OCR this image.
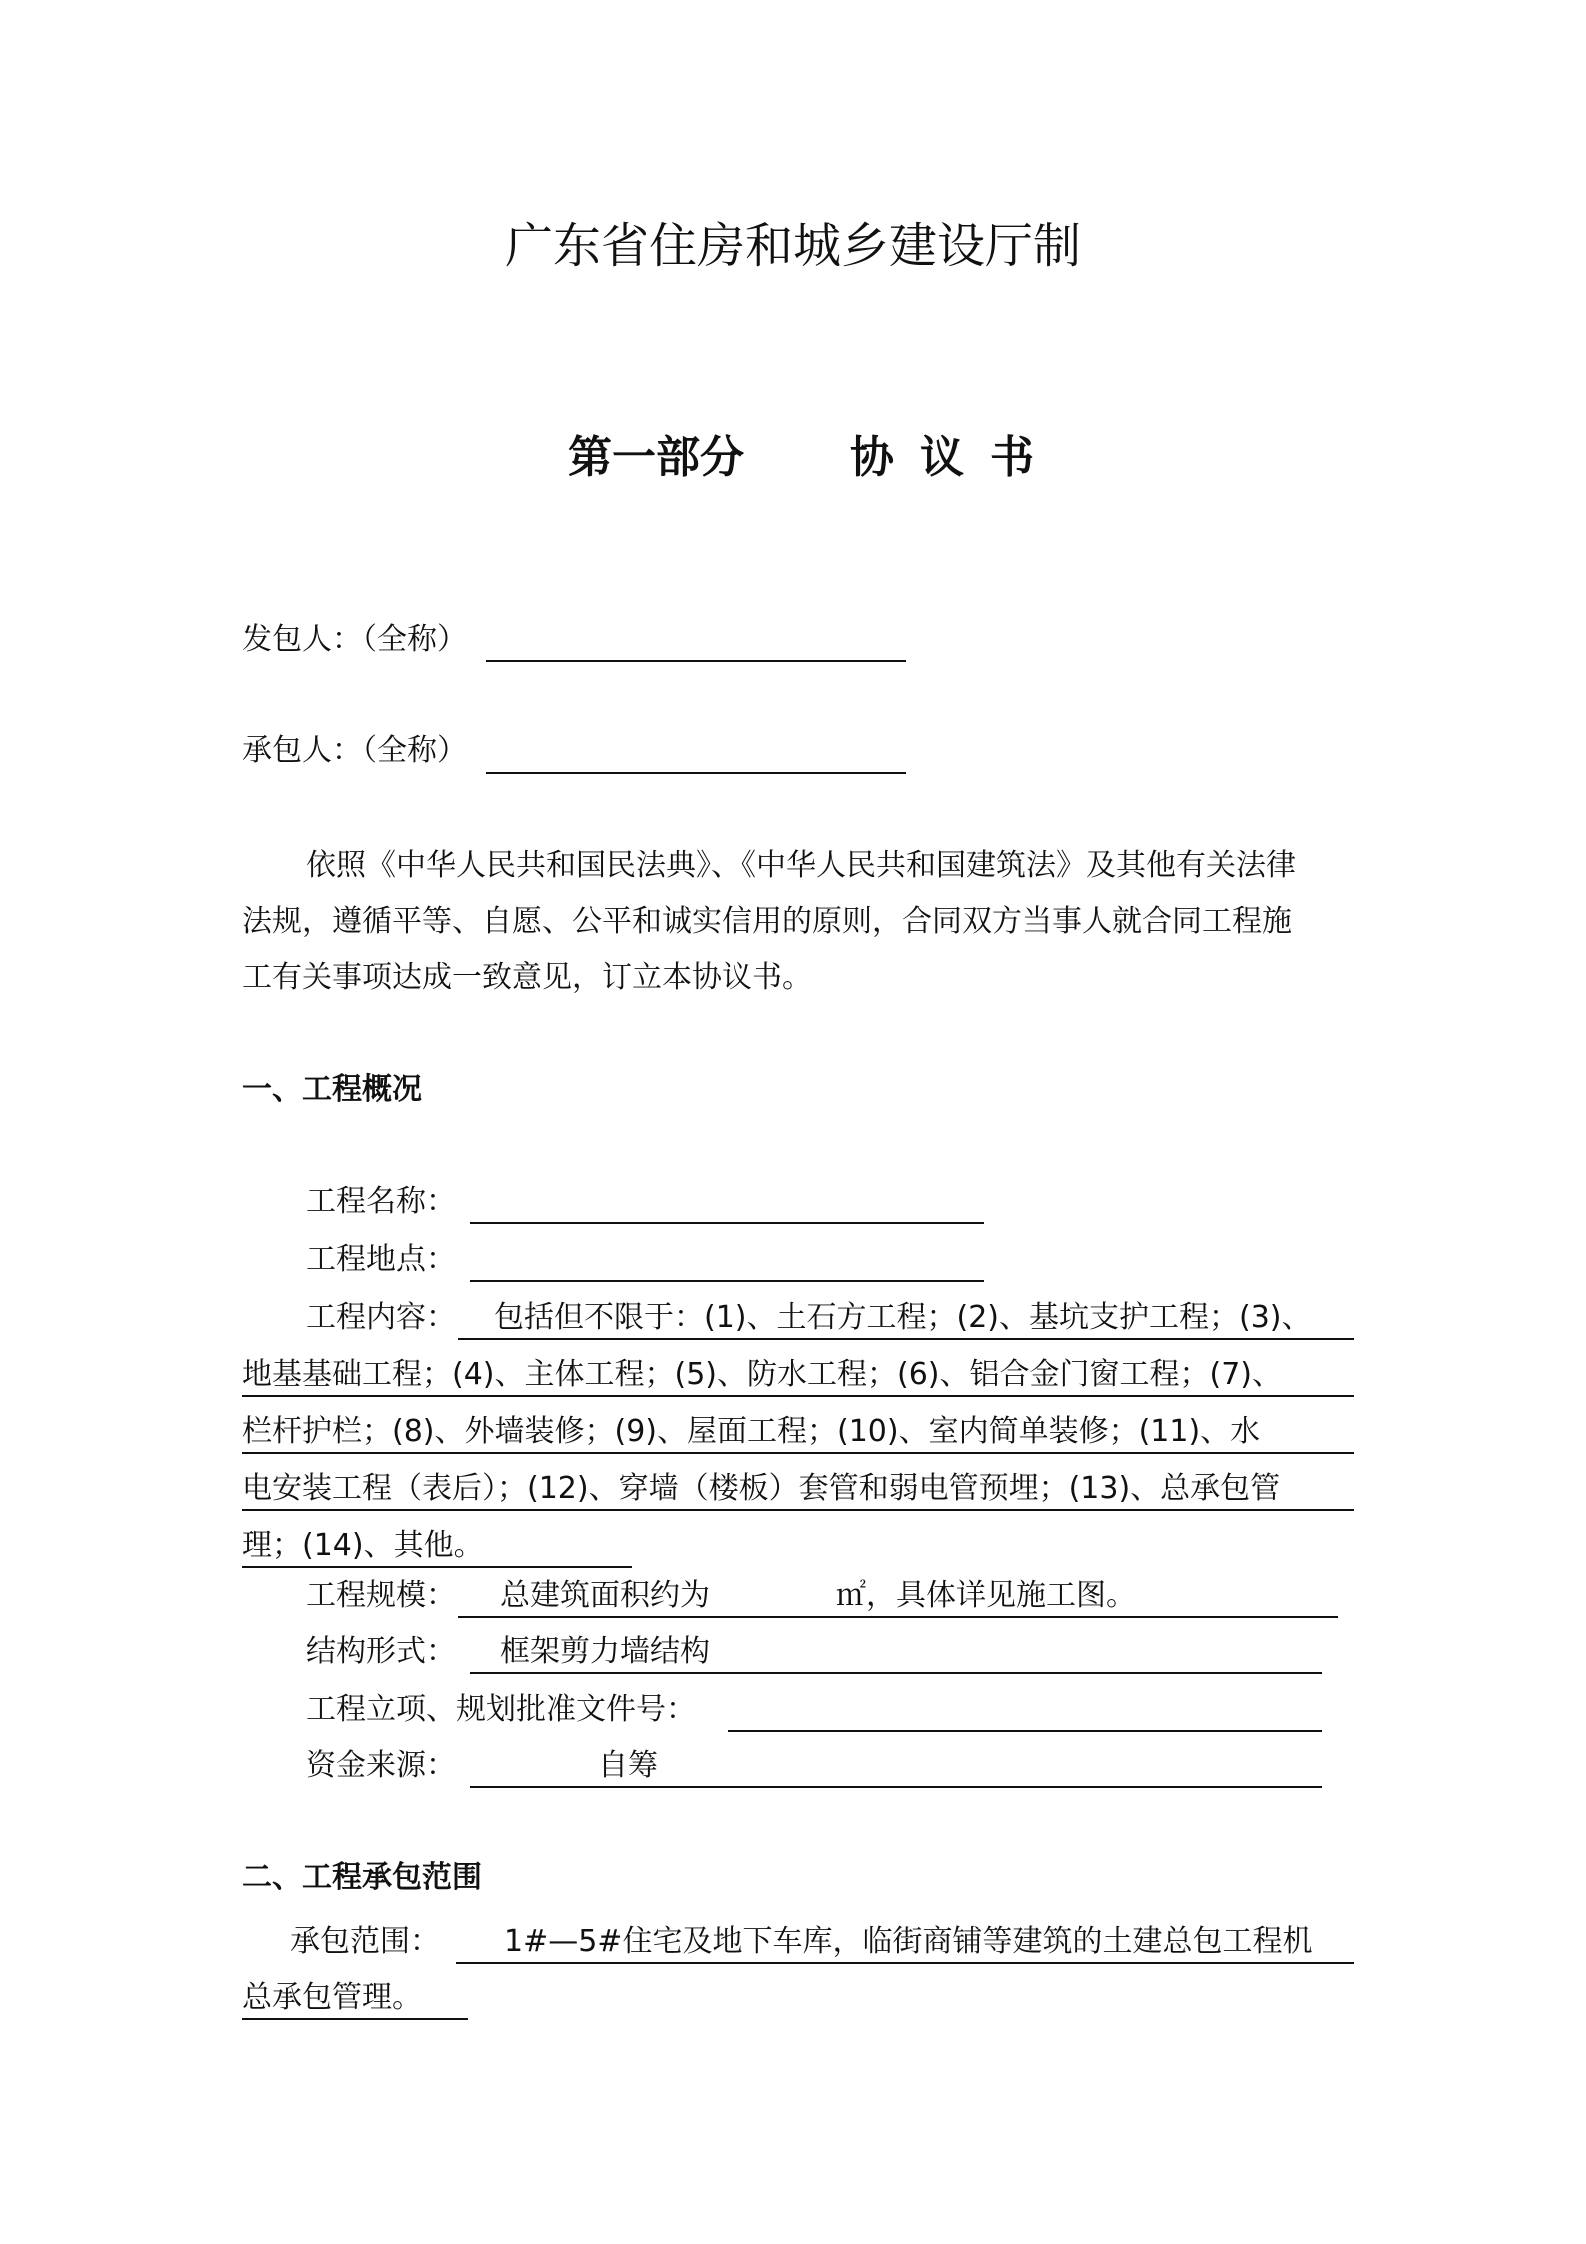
广东省住房和城乡建设厅制
第一部分 协议书
发包人：（全称）
承包人：（全称）
依照《中华人民共和国民法典》、《中华人民共和国建筑法》及其他有关法律
法规，遵循平等、自愿、公平和诚实信用的原则，合同双方当事人就合同工程施
工有关事项达成一致意见，订立本协议书。
一、工程概况
工程名称：
工程地点：
工程内容： 包括但不限于：(1)、土石方工程；(2)、基坑支护工程；(3)、
地基基础工程；(4)、主体工程；(5)、防水工程；(6)、铝合金门窗工程；(7)、
栏杆护栏；(8)、外墙装修；(9)、屋面工程；(10)、室内简单装修；(11)、水
电安装工程（表后）；(12)、穿墙（楼板）套管和弱电管预埋；(13)、总承包管
理；(14)、其他。
工程规模： 总建筑面积约为	㎡，具体详见施工图。
结构形式： 框架剪力墙结构
工程立项、规划批准文件号：
资金来源：	自筹
二、工程承包范围
承包范围： 1#—5#住宅及地下车库，临街商铺等建筑的土建总包工程机
总承包管理。
